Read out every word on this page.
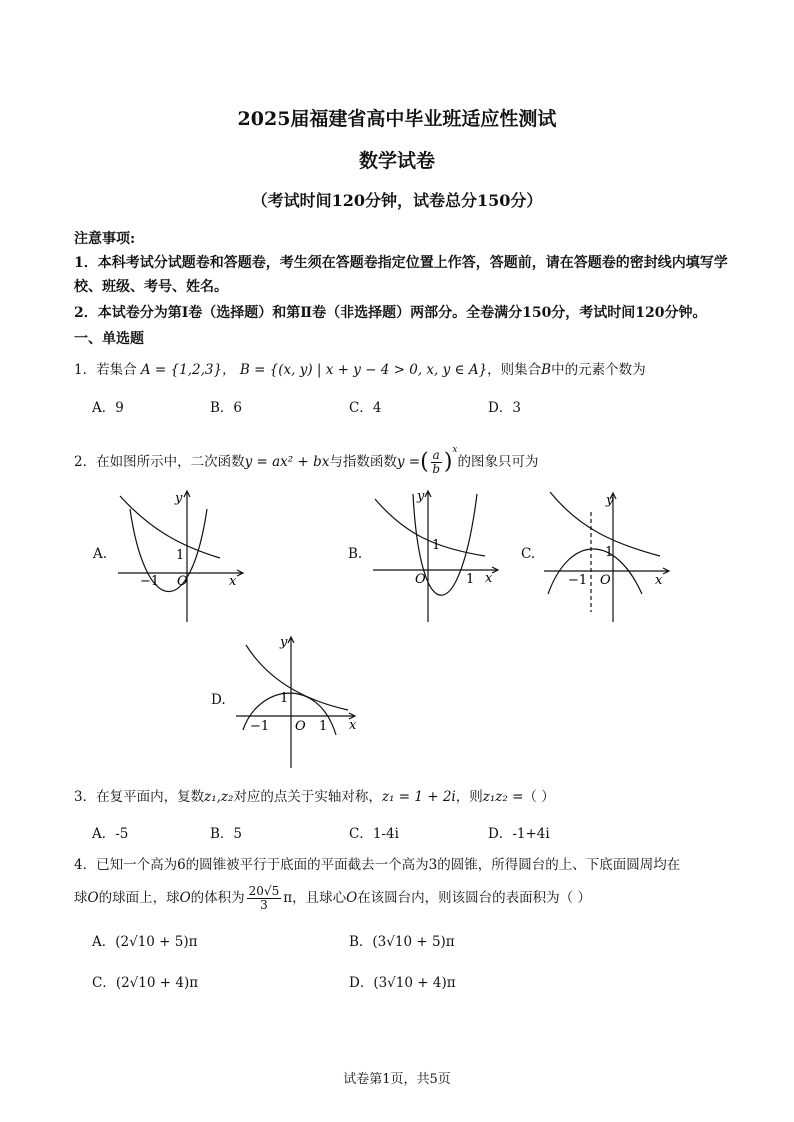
2025届福建省高中毕业班适应性测试
数学试卷
（考试时间120分钟，试卷总分150分）
注意事项:
1．本科考试分试题卷和答题卷，考生须在答题卷指定位置上作答，答题前，请在答题卷的密封线内填写学
校、班级、考号、姓名。
2．本试卷分为第Ⅰ卷（选择题）和第Ⅱ卷（非选择题）两部分。全卷满分150分，考试时间120分钟。
一、单选题
1．若集合 A = {1,2,3}， B = {(x, y) | x + y − 4 > 0, x, y ∈ A}，则集合B中的元素个数为
A．9	B．6	C．4	D．3
2．在如图所示中，二次函数y = ax² + bx与指数函数y =( $\frac{a}{b} )^x$的图象只可为
A.
y
x
O
1
−1
B.
y
x
O
1
1
C.
y
x
O
1
−1
D.
y
x
O
1
1
−1
3．在复平面内，复数z₁,z₂对应的点关于实轴对称，z₁ = 1 + 2i，则z₁z₂ =（ ）
A．-5	B．5	C．1-4i	D．-1+4i
4．已知一个高为6的圆锥被平行于底面的平面截去一个高为3的圆锥，所得圆台的上、下底面圆周均在
球O的球面上，球O的体积为 $\frac{20√5}{3}$ π，且球心O在该圆台内，则该圆台的表面积为（ ）
A．(2√10 + 5)π	B．(3√10 + 5)π
C．(2√10 + 4)π	D．(3√10 + 4)π
试卷第1页，共5页
